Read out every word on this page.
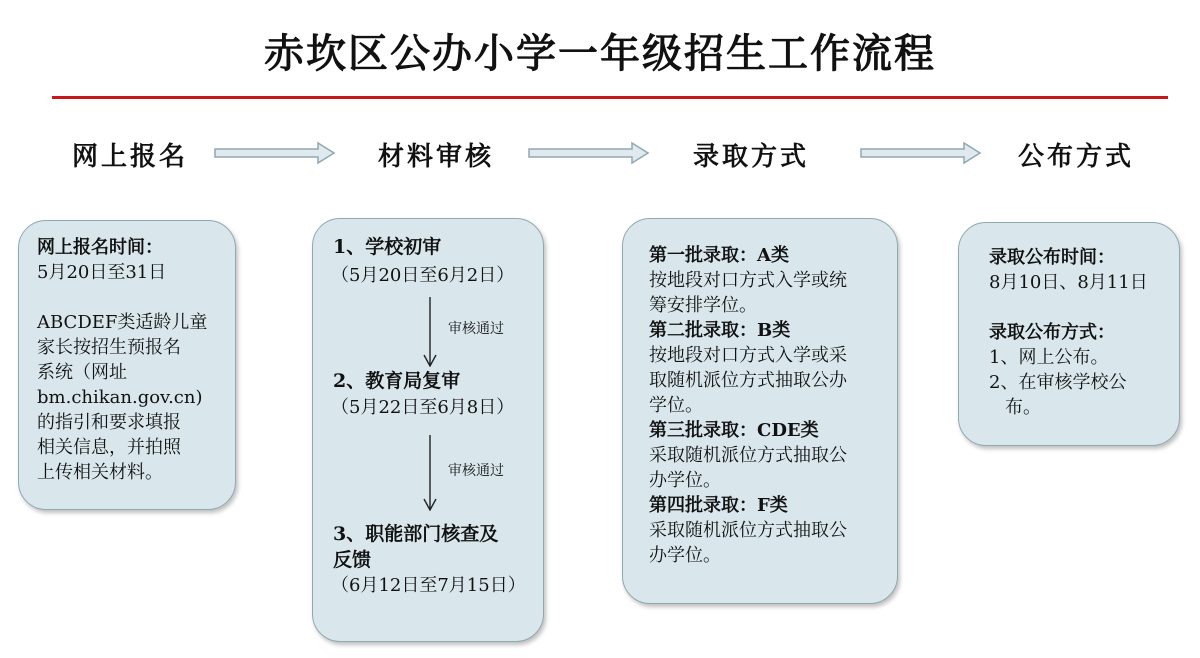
赤坎区公办小学一年级招生工作流程
网上报名	材料审核	录取方式	公布方式
网上报名时间：
5月20日至31日
ABCDEF类适龄儿童
家长按招生预报名
系统（网址
bm.chikan.gov.cn)
的指引和要求填报
相关信息，并拍照
上传相关材料。
1、学校初审
（5月20日至6月2日）
审核通过
2、教育局复审
（5月22日至6月8日）
审核通过
3、职能部门核查及
反馈
（6月12日至7月15日）
第一批录取：A类
按地段对口方式入学或统
筹安排学位。
第二批录取：B类
按地段对口方式入学或采
取随机派位方式抽取公办
学位。
第三批录取：CDE类
采取随机派位方式抽取公
办学位。
第四批录取：F类
采取随机派位方式抽取公
办学位。
录取公布时间：
8月10日、8月11日
录取公布方式：
1、网上公布。
2、在审核学校公
布。
